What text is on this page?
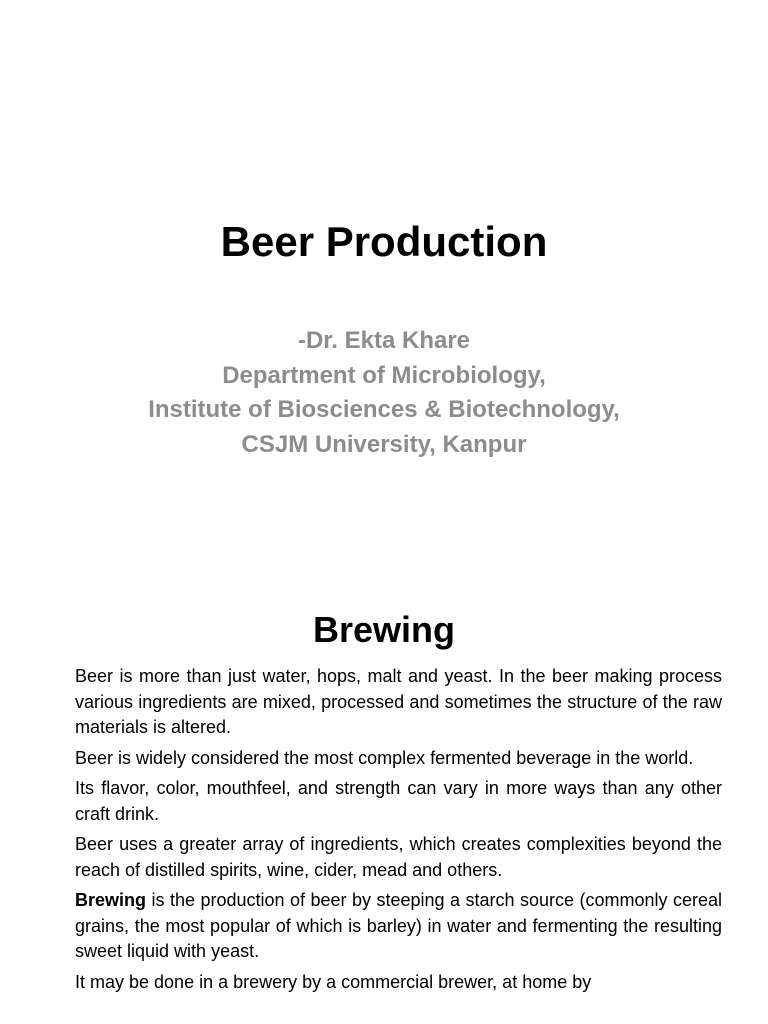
Beer Production
-Dr. Ekta Khare
Department of Microbiology,
Institute of Biosciences & Biotechnology,
CSJM University, Kanpur
Brewing

Beer is more than just water, hops, malt and yeast. In the beer making process various ingredients are mixed, processed and sometimes the structure of the raw materials is altered.

Beer is widely considered the most complex fermented beverage in the world.

Its flavor, color, mouthfeel, and strength can vary in more ways than any other craft drink.

Beer uses a greater array of ingredients, which creates complexities beyond the reach of distilled spirits, wine, cider, mead and others.

Brewing is the production of beer by steeping a starch source (commonly cereal grains, the most popular of which is barley) in water and fermenting the resulting sweet liquid with yeast.

It may be done in a brewery by a commercial brewer, at home by
